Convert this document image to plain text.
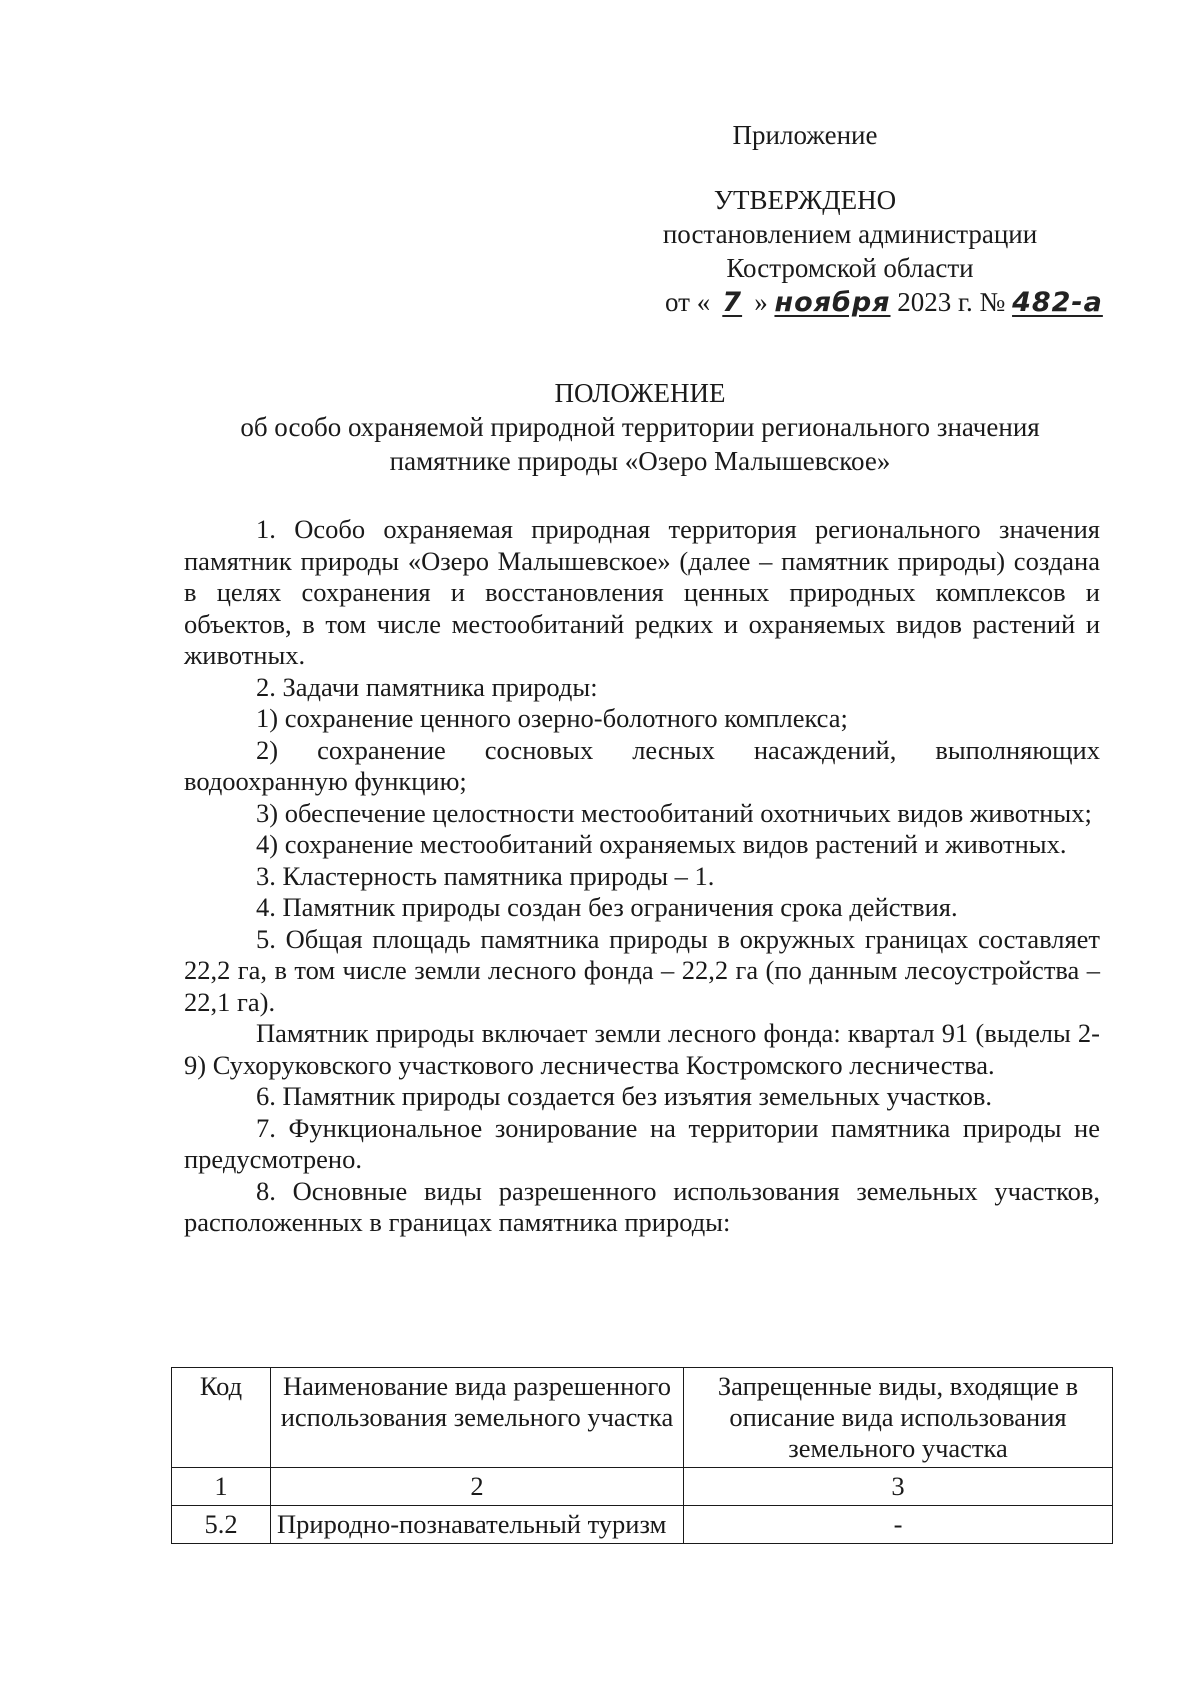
Приложение
УТВЕРЖДЕНО
постановлением администрации
Костромской области
от « 7 » ноября 2023 г. № 482-а
ПОЛОЖЕНИЕ
об особо охраняемой природной территории регионального значения
памятнике природы «Озеро Малышевское»

1. Особо охраняемая природная территория регионального значения памятник природы «Озеро Малышевское» (далее – памятник природы) создана в целях сохранения и восстановления ценных природных комплексов и объектов, в том числе местообитаний редких и охраняемых видов растений и животных.

2. Задачи памятника природы:

1) сохранение ценного озерно-болотного комплекса;

2) сохранение сосновых лесных насаждений, выполняющих водоохранную функцию;

3) обеспечение целостности местообитаний охотничьих видов животных;

4) сохранение местообитаний охраняемых видов растений и животных.

3. Кластерность памятника природы – 1.

4. Памятник природы создан без ограничения срока действия.

5. Общая площадь памятника природы в окружных границах составляет 22,2 га, в том числе земли лесного фонда – 22,2 га (по данным лесоустройства – 22,1 га).

Памятник природы включает земли лесного фонда: квартал 91 (выделы 2-9) Сухоруковского участкового лесничества Костромского лесничества.

6. Памятник природы создается без изъятия земельных участков.

7. Функциональное зонирование на территории памятника природы не предусмотрено.

8. Основные виды разрешенного использования земельных участков, расположенных в границах памятника природы:

Код	Наименование вида разрешенного использования земельного участка	Запрещенные виды, входящие в описание вида использования земельного участка
1	2	3
5.2	Природно-познавательный туризм	-
